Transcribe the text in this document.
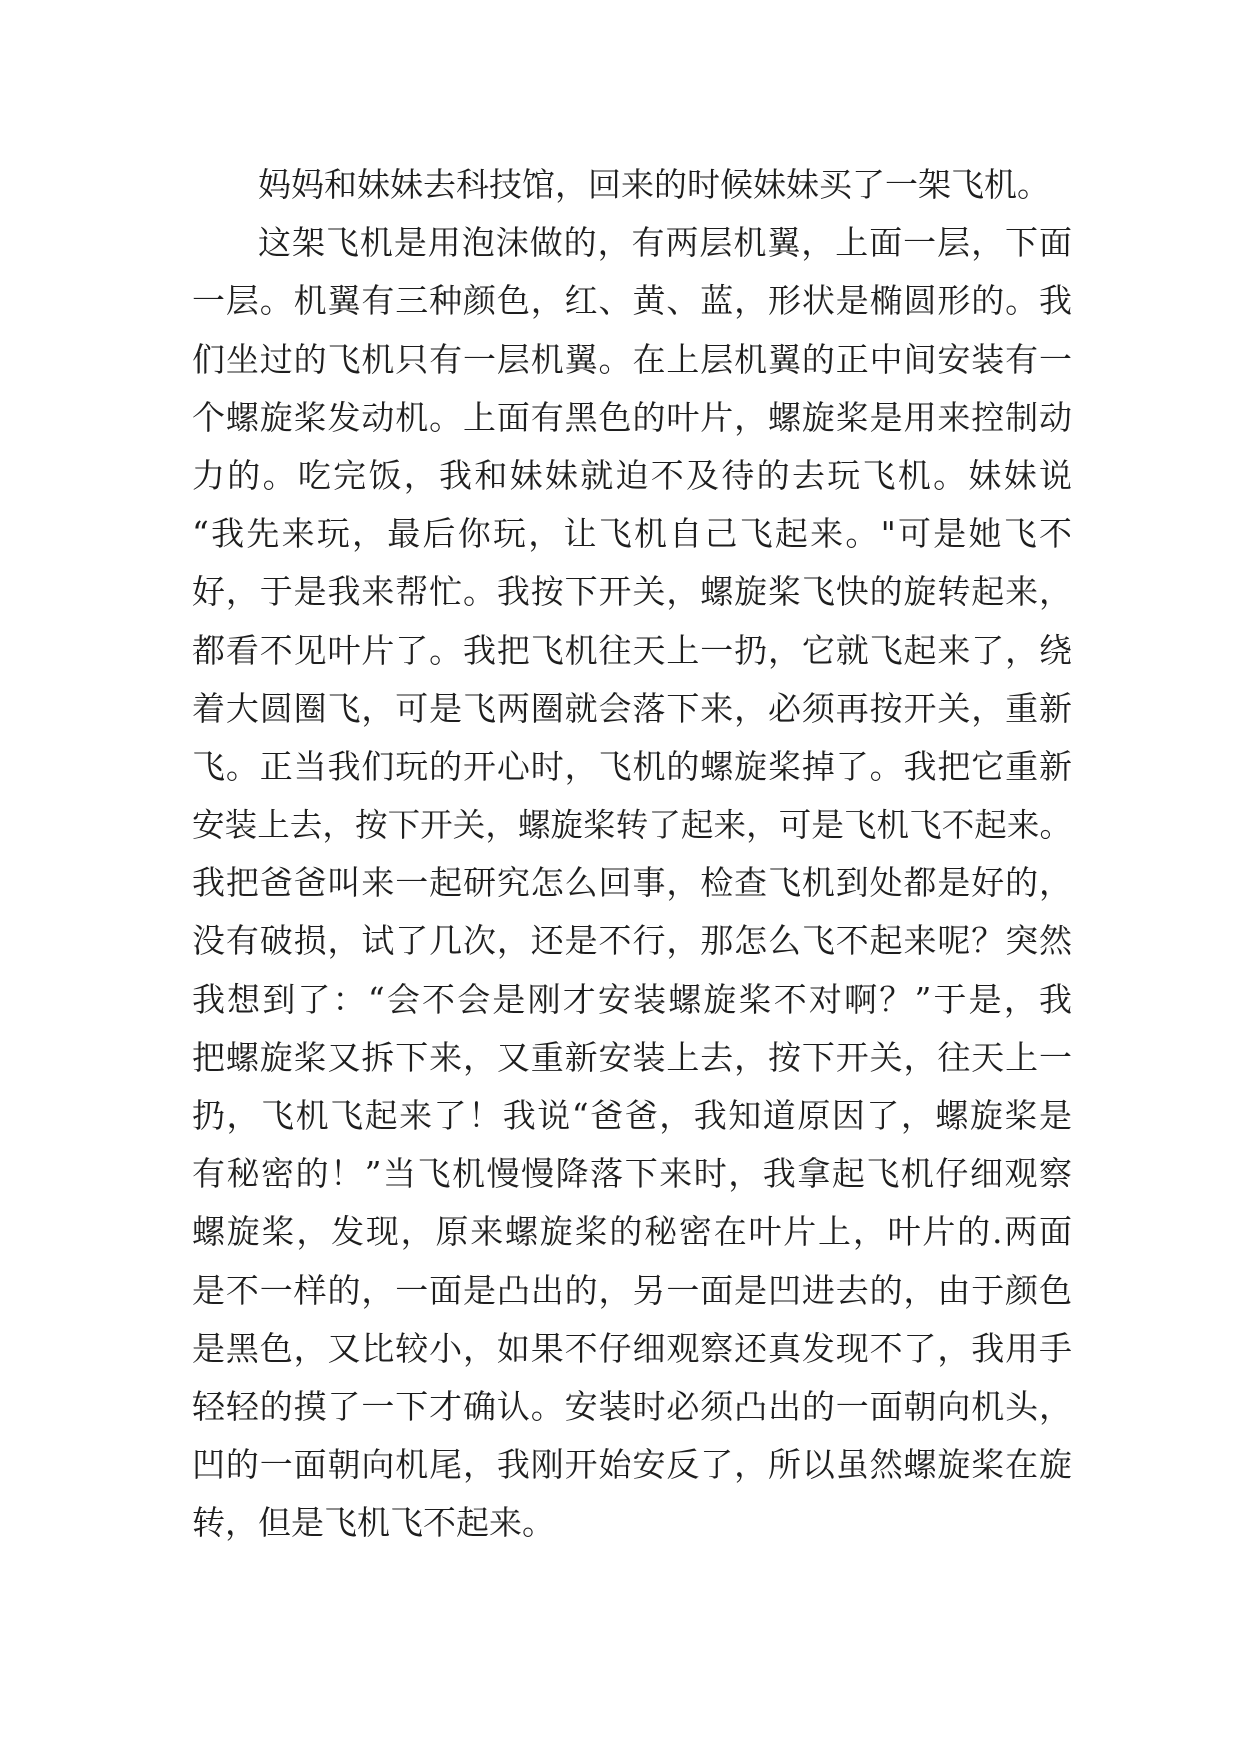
妈妈和妹妹去科技馆，回来的时候妹妹买了一架飞机。
这架飞机是用泡沫做的，有两层机翼，上面一层，下面
一层。机翼有三种颜色，红、黄、蓝，形状是椭圆形的。我
们坐过的飞机只有一层机翼。在上层机翼的正中间安装有一
个螺旋桨发动机。上面有黑色的叶片，螺旋桨是用来控制动
力的。吃完饭，我和妹妹就迫不及待的去玩飞机。妹妹说
“我先来玩，最后你玩，让飞机自己飞起来。"可是她飞不
好，于是我来帮忙。我按下开关，螺旋桨飞快的旋转起来，
都看不见叶片了。我把飞机往天上一扔，它就飞起来了，绕
着大圆圈飞，可是飞两圈就会落下来，必须再按开关，重新
飞。正当我们玩的开心时，飞机的螺旋桨掉了。我把它重新
安装上去，按下开关，螺旋桨转了起来，可是飞机飞不起来。
我把爸爸叫来一起研究怎么回事，检查飞机到处都是好的，
没有破损，试了几次，还是不行，那怎么飞不起来呢？突然
我想到了：“会不会是刚才安装螺旋桨不对啊？”于是，我
把螺旋桨又拆下来，又重新安装上去，按下开关，往天上一
扔，飞机飞起来了！我说“爸爸，我知道原因了，螺旋桨是
有秘密的！”当飞机慢慢降落下来时，我拿起飞机仔细观察
螺旋桨，发现，原来螺旋桨的秘密在叶片上，叶片的.两面
是不一样的，一面是凸出的，另一面是凹进去的，由于颜色
是黑色，又比较小，如果不仔细观察还真发现不了，我用手
轻轻的摸了一下才确认。安装时必须凸出的一面朝向机头，
凹的一面朝向机尾，我刚开始安反了，所以虽然螺旋桨在旋
转，但是飞机飞不起来。
